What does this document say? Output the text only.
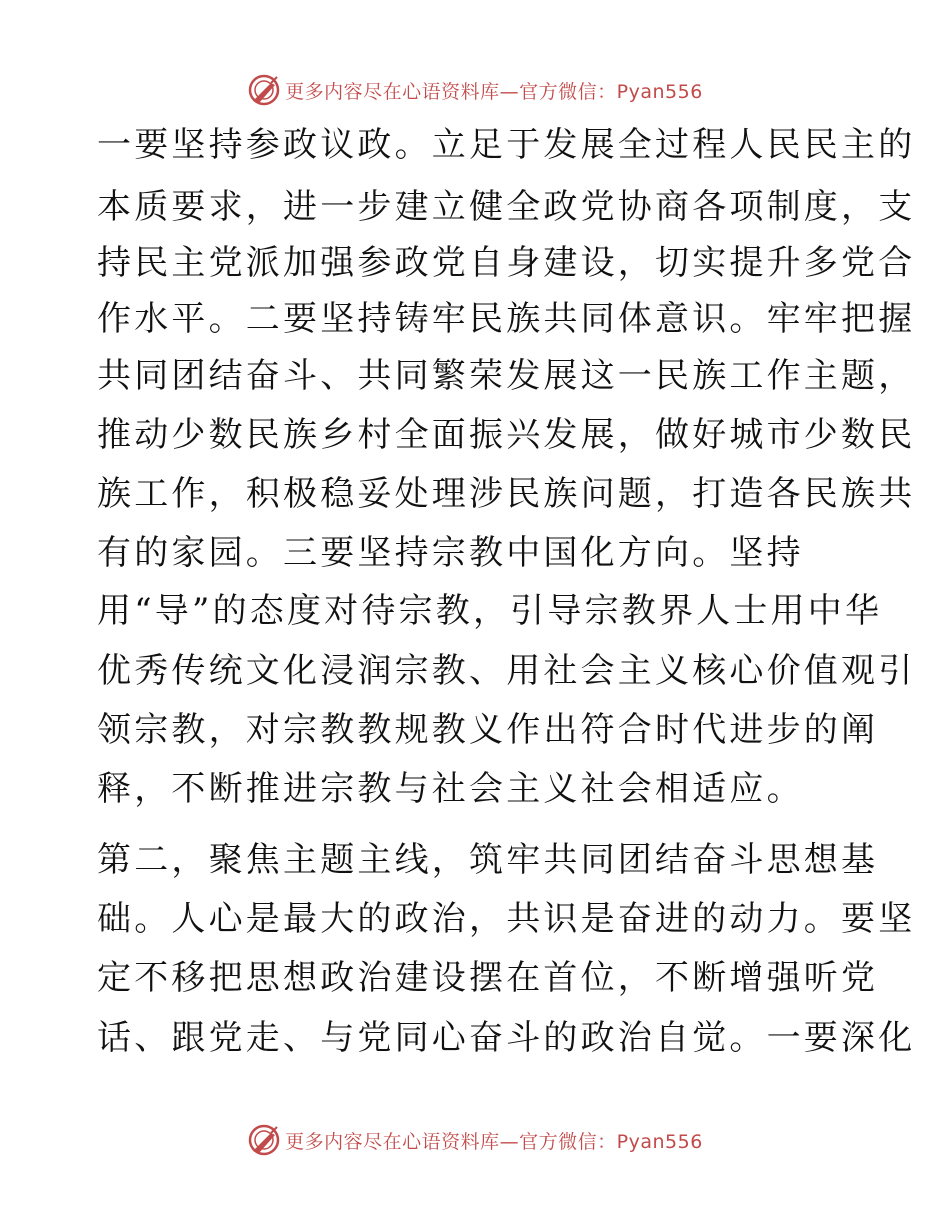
更多内容尽在心语资料库—官方微信：Pyan556
一要坚持参政议政。立足于发展全过程人民民主的
本质要求，进一步建立健全政党协商各项制度，支
持民主党派加强参政党自身建设，切实提升多党合
作水平。二要坚持铸牢民族共同体意识。牢牢把握
共同团结奋斗、共同繁荣发展这一民族工作主题，
推动少数民族乡村全面振兴发展，做好城市少数民
族工作，积极稳妥处理涉民族问题，打造各民族共
有的家园。三要坚持宗教中国化方向。坚持
用“导”的态度对待宗教，引导宗教界人士用中华
优秀传统文化浸润宗教、用社会主义核心价值观引
领宗教，对宗教教规教义作出符合时代进步的阐
释，不断推进宗教与社会主义社会相适应。
第二，聚焦主题主线，筑牢共同团结奋斗思想基
础。人心是最大的政治，共识是奋进的动力。要坚
定不移把思想政治建设摆在首位，不断增强听党
话、跟党走、与党同心奋斗的政治自觉。一要深化
更多内容尽在心语资料库—官方微信：Pyan556
